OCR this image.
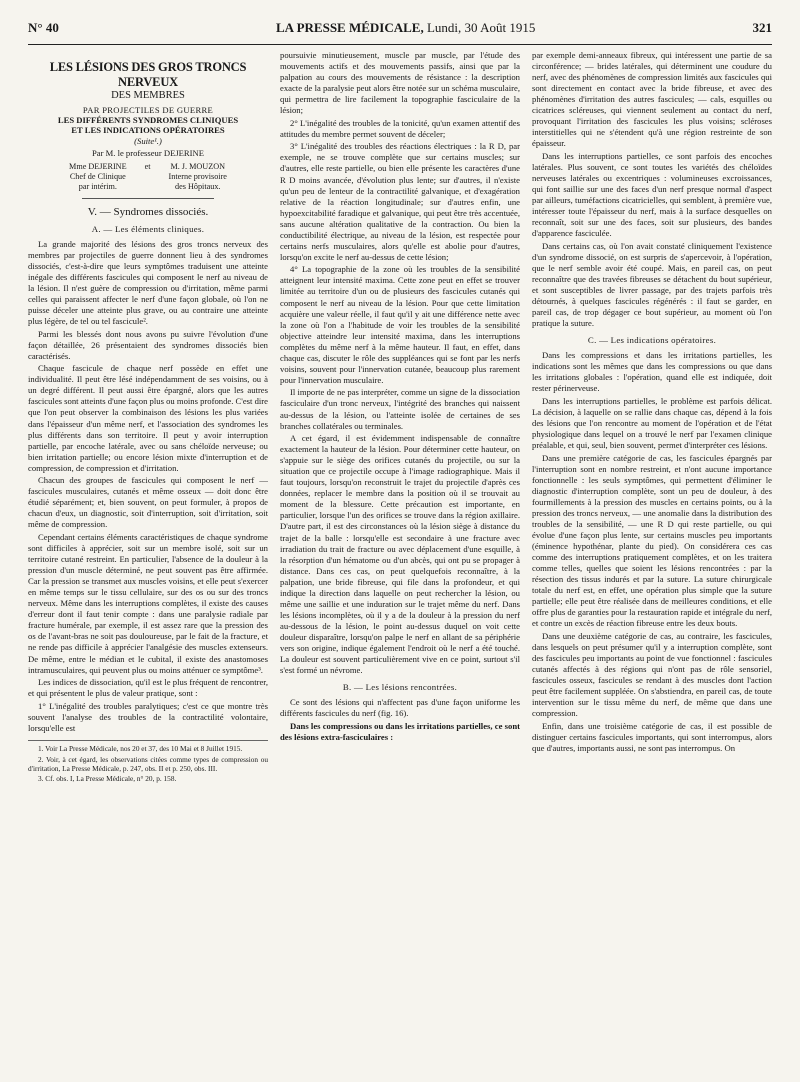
N° 40	LA PRESSE MÉDICALE, Lundi, 30 Août 1915	321
LES LÉSIONS DES GROS TRONCS NERVEUX
DES MEMBRES
PAR PROJECTILES DE GUERRE
LES DIFFÉRENTS SYNDROMES CLINIQUES
ET LES INDICATIONS OPÉRATOIRES
(Suite¹.)
Par M. le professeur DEJERINE
Mme DEJERINE
Chef de Clinique
par intérim.
et M. J. MOUZON
Interne provisoire
des Hôpitaux.
V. — Syndromes dissociés.
A. — Les éléments cliniques.

La grande majorité des lésions des gros troncs nerveux des membres par projectiles de guerre donnent lieu à des syndromes dissociés, c'est-à-dire que leurs symptômes traduisent une atteinte inégale des différents fascicules qui composent le nerf au niveau de la lésion. Il n'est guère de compression ou d'irritation, même parmi celles qui paraissent affecter le nerf d'une façon globale, où l'on ne puisse déceler une atteinte plus grave, ou au contraire une atteinte plus légère, de tel ou tel fascicule².

Parmi les blessés dont nous avons pu suivre l'évolution d'une façon détaillée, 26 présentaient des syndromes dissociés bien caractérisés.

Chaque fascicule de chaque nerf possède en effet une individualité. Il peut être lésé indépendamment de ses voisins, ou à un degré différent. Il peut aussi être épargné, alors que les autres fascicules sont atteints d'une façon plus ou moins profonde. C'est dire que l'on peut observer la combinaison des lésions les plus variées dans l'épaisseur d'un même nerf, et l'association des syndromes les plus différents dans son territoire. Il peut y avoir interruption partielle, par encoche latérale, avec ou sans chéloïde nerveuse; ou bien irritation partielle; ou encore lésion mixte d'interruption et de compression, de compression et d'irritation.

Chacun des groupes de fascicules qui composent le nerf — fascicules musculaires, cutanés et même osseux — doit donc être étudié séparément; et, bien souvent, on peut formuler, à propos de chacun d'eux, un diagnostic, soit d'interruption, soit d'irritation, soit même de compression.

Cependant certains éléments caractéristiques de chaque syndrome sont difficiles à apprécier, soit sur un membre isolé, soit sur un territoire cutané restreint. En particulier, l'absence de la douleur à la pression d'un muscle déterminé, ne peut souvent pas être affirmée. Car la pression se transmet aux muscles voisins, et elle peut s'exercer en même temps sur le tissu cellulaire, sur des os ou sur des troncs nerveux. Même dans les interruptions complètes, il existe des causes d'erreur dont il faut tenir compte : dans une paralysie radiale par fracture humérale, par exemple, il est assez rare que la pression des os de l'avant-bras ne soit pas douloureuse, par le fait de la fracture, et ne rende pas difficile à apprécier l'analgésie des muscles extenseurs. De même, entre le médian et le cubital, il existe des anastomoses intramusculaires, qui peuvent plus ou moins atténuer ce symptôme³.

Les indices de dissociation, qu'il est le plus fréquent de rencontrer, et qui présentent le plus de valeur pratique, sont :

1° L'inégalité des troubles paralytiques; c'est ce que montre très souvent l'analyse des troubles de la contractilité volontaire, lorsqu'elle est

1. Voir La Presse Médicale, nos 20 et 37, des 10 Mai et 8 Juillet 1915.

2. Voir, à cet égard, les observations citées comme types de compression ou d'irritation, La Presse Médicale, p. 247, obs. II et p. 250, obs. III.

3. Cf. obs. I, La Presse Médicale, n° 20, p. 158.

poursuivie minutieusement, muscle par muscle, par l'étude des mouvements actifs et des mouvements passifs, ainsi que par la palpation au cours des mouvements de résistance : la description exacte de la paralysie peut alors être notée sur un schéma musculaire, qui permettra de lire facilement la topographie fasciculaire de la lésion;

2° L'inégalité des troubles de la tonicité, qu'un examen attentif des attitudes du membre permet souvent de déceler;

3° L'inégalité des troubles des réactions électriques : la R D, par exemple, ne se trouve complète que sur certains muscles; sur d'autres, elle reste partielle, ou bien elle présente les caractères d'une R D moins avancée, d'évolution plus lente; sur d'autres, il n'existe qu'un peu de lenteur de la contractilité galvanique, et d'exagération relative de la réaction longitudinale; sur d'autres enfin, une hypoexcitabilité faradique et galvanique, qui peut être très accentuée, sans aucune altération qualitative de la contraction. Ou bien la conductibilité électrique, au niveau de la lésion, est respectée pour certains nerfs musculaires, alors qu'elle est abolie pour d'autres, lorsqu'on excite le nerf au-dessus de cette lésion;

4° La topographie de la zone où les troubles de la sensibilité atteignent leur intensité maxima. Cette zone peut en effet se trouver limitée au territoire d'un ou de plusieurs des fascicules cutanés qui composent le nerf au niveau de la lésion. Pour que cette limitation acquière une valeur réelle, il faut qu'il y ait une différence nette avec la zone où l'on a l'habitude de voir les troubles de la sensibilité objective atteindre leur intensité maxima, dans les interruptions complètes du même nerf à la même hauteur. Il faut, en effet, dans chaque cas, discuter le rôle des suppléances qui se font par les nerfs voisins, souvent pour l'innervation cutanée, beaucoup plus rarement pour l'innervation musculaire.

Il importe de ne pas interpréter, comme un signe de la dissociation fasciculaire d'un tronc nerveux, l'intégrité des branches qui naissent au-dessus de la lésion, ou l'atteinte isolée de certaines de ses branches collatérales ou terminales.

A cet égard, il est évidemment indispensable de connaître exactement la hauteur de la lésion. Pour déterminer cette hauteur, on s'appuie sur le siège des orifices cutanés du projectile, ou sur la situation que ce projectile occupe à l'image radiographique. Mais il faut toujours, lorsqu'on reconstruit le trajet du projectile d'après ces données, replacer le membre dans la position où il se trouvait au moment de la blessure. Cette précaution est importante, en particulier, lorsque l'un des orifices se trouve dans la région axillaire. D'autre part, il est des circonstances où la lésion siège à distance du trajet de la balle : lorsqu'elle est secondaire à une fracture avec irradiation du trait de fracture ou avec déplacement d'une esquille, à la résorption d'un hématome ou d'un abcès, qui ont pu se propager à distance. Dans ces cas, on peut quelquefois reconnaître, à la palpation, une bride fibreuse, qui file dans la profondeur, et qui indique la direction dans laquelle on peut rechercher la lésion, ou même une saillie et une induration sur le trajet même du nerf. Dans les lésions incomplètes, où il y a de la douleur à la pression du nerf au-dessous de la lésion, le point au-dessus duquel on voit cette douleur disparaître, lorsqu'on palpe le nerf en allant de sa périphérie vers son origine, indique également l'endroit où le nerf a été touché. La douleur est souvent particulièrement vive en ce point, surtout s'il s'est formé un névrome.

B. — Les lésions rencontrées.

Ce sont des lésions qui n'affectent pas d'une façon uniforme les différents fascicules du nerf (fig. 16).

Dans les compressions ou dans les irritations partielles, ce sont des lésions extra-fasciculaires :

par exemple demi-anneaux fibreux, qui intéressent une partie de sa circonférence; — brides latérales, qui déterminent une coudure du nerf, avec des phénomènes de compression limités aux fascicules qui sont directement en contact avec la bride fibreuse, et avec des phénomènes d'irritation des autres fascicules; — cals, esquilles ou cicatrices scléreuses, qui viennent seulement au contact du nerf, provoquant l'irritation des fascicules les plus voisins; scléroses interstitielles qui ne s'étendent qu'à une région restreinte de son épaisseur.

Dans les interruptions partielles, ce sont parfois des encoches latérales. Plus souvent, ce sont toutes les variétés des chéloïdes nerveuses latérales ou excentriques : volumineuses excroissances, qui font saillie sur une des faces d'un nerf presque normal d'aspect par ailleurs, tuméfactions cicatricielles, qui semblent, à première vue, intéresser toute l'épaisseur du nerf, mais à la surface desquelles on reconnaît, soit sur une des faces, soit sur plusieurs, des bandes d'apparence fasciculée.

Dans certains cas, où l'on avait constaté cliniquement l'existence d'un syndrome dissocié, on est surpris de s'apercevoir, à l'opération, que le nerf semble avoir été coupé. Mais, en pareil cas, on peut reconnaître que des travées fibreuses se détachent du bout supérieur, et sont susceptibles de livrer passage, par des trajets parfois très détournés, à quelques fascicules régénérés : il faut se garder, en pareil cas, de trop dégager ce bout supérieur, au moment où l'on pratique la suture.

C. — Les indications opératoires.

Dans les compressions et dans les irritations partielles, les indications sont les mêmes que dans les compressions ou que dans les irritations globales : l'opération, quand elle est indiquée, doit rester périnerveuse.

Dans les interruptions partielles, le problème est parfois délicat. La décision, à laquelle on se rallie dans chaque cas, dépend à la fois des lésions que l'on rencontre au moment de l'opération et de l'état physiologique dans lequel on a trouvé le nerf par l'examen clinique préalable, et qui, seul, bien souvent, permet d'interpréter ces lésions.

Dans une première catégorie de cas, les fascicules épargnés par l'interruption sont en nombre restreint, et n'ont aucune importance fonctionnelle : les seuls symptômes, qui permettent d'éliminer le diagnostic d'interruption complète, sont un peu de douleur, à des fourmillements à la pression des muscles en certains points, ou à la pression des troncs nerveux, — une anomalie dans la distribution des troubles de la sensibilité, — une R D qui reste partielle, ou qui évolue d'une façon plus lente, sur certains muscles peu importants (éminence hypothénar, plante du pied). On considérera ces cas comme des interruptions pratiquement complètes, et on les traitera comme telles, quelles que soient les lésions rencontrées : par la résection des tissus indurés et par la suture. La suture chirurgicale totale du nerf est, en effet, une opération plus simple que la suture partielle; elle peut être réalisée dans de meilleures conditions, et elle offre plus de garanties pour la restauration rapide et intégrale du nerf, et contre un excès de réaction fibreuse entre les deux bouts.

Dans une deuxième catégorie de cas, au contraire, les fascicules, dans lesquels on peut présumer qu'il y a interruption complète, sont des fascicules peu importants au point de vue fonctionnel : fascicules cutanés affectés à des régions qui n'ont pas de rôle sensoriel, fascicules osseux, fascicules se rendant à des muscles dont l'action peut être facilement suppléée. On s'abstiendra, en pareil cas, de toute intervention sur le tissu même du nerf, de même que dans une compression.

Enfin, dans une troisième catégorie de cas, il est possible de distinguer certains fascicules importants, qui sont interrompus, alors que d'autres, importants aussi, ne sont pas interrompus. On
